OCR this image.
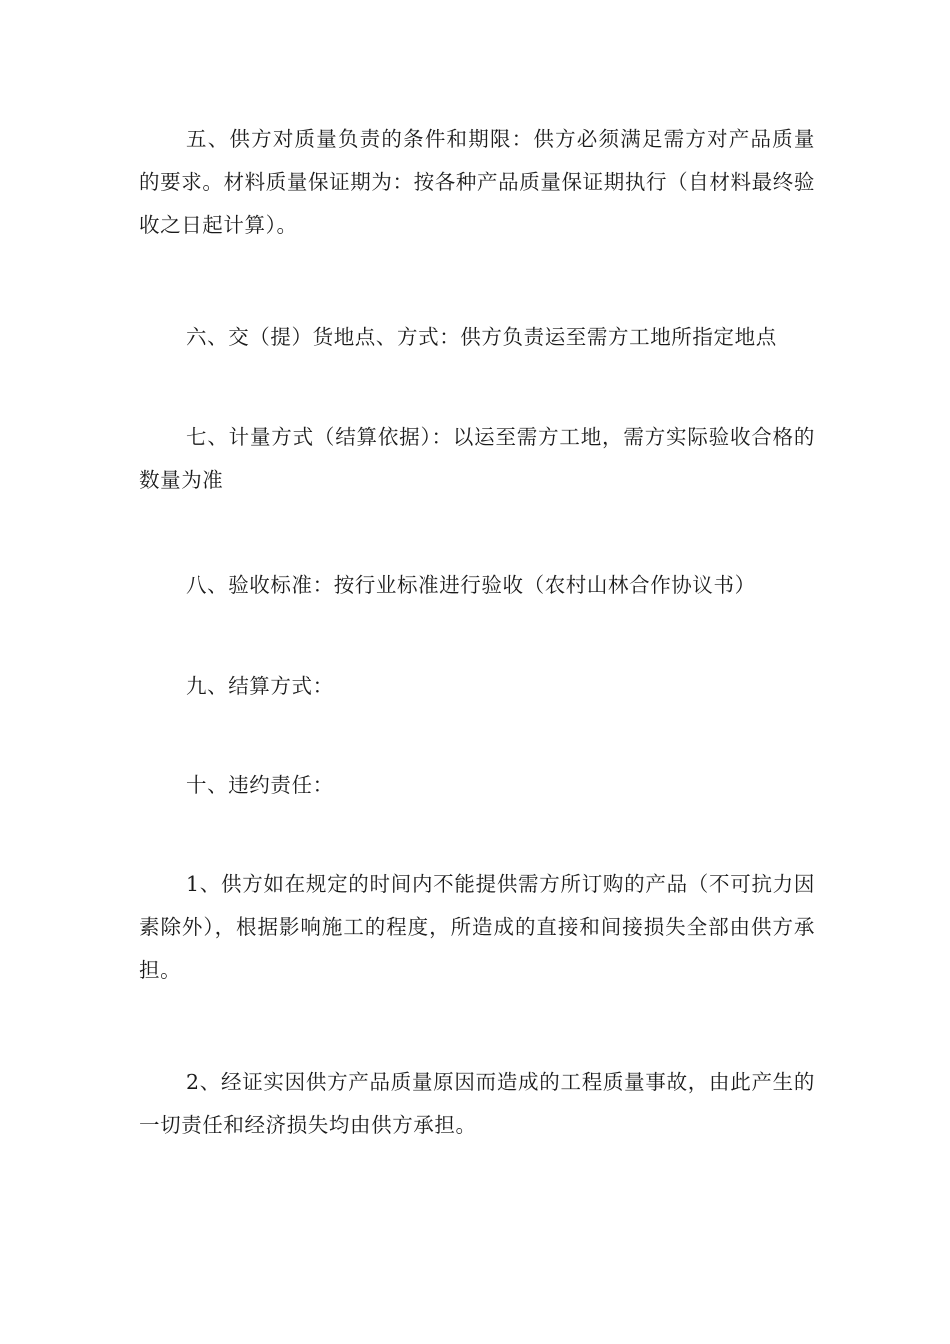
五、供方对质量负责的条件和期限：供方必须满足需方对产品质量的要求。材料质量保证期为：按各种产品质量保证期执行（自材料最终验收之日起计算）。

六、交（提）货地点、方式：供方负责运至需方工地所指定地点

七、计量方式（结算依据）：以运至需方工地，需方实际验收合格的数量为准

八、验收标准：按行业标准进行验收（农村山林合作协议书）

九、结算方式：

十、违约责任：

1、供方如在规定的时间内不能提供需方所订购的产品（不可抗力因素除外），根据影响施工的程度，所造成的直接和间接损失全部由供方承担。

2、经证实因供方产品质量原因而造成的工程质量事故，由此产生的一切责任和经济损失均由供方承担。
